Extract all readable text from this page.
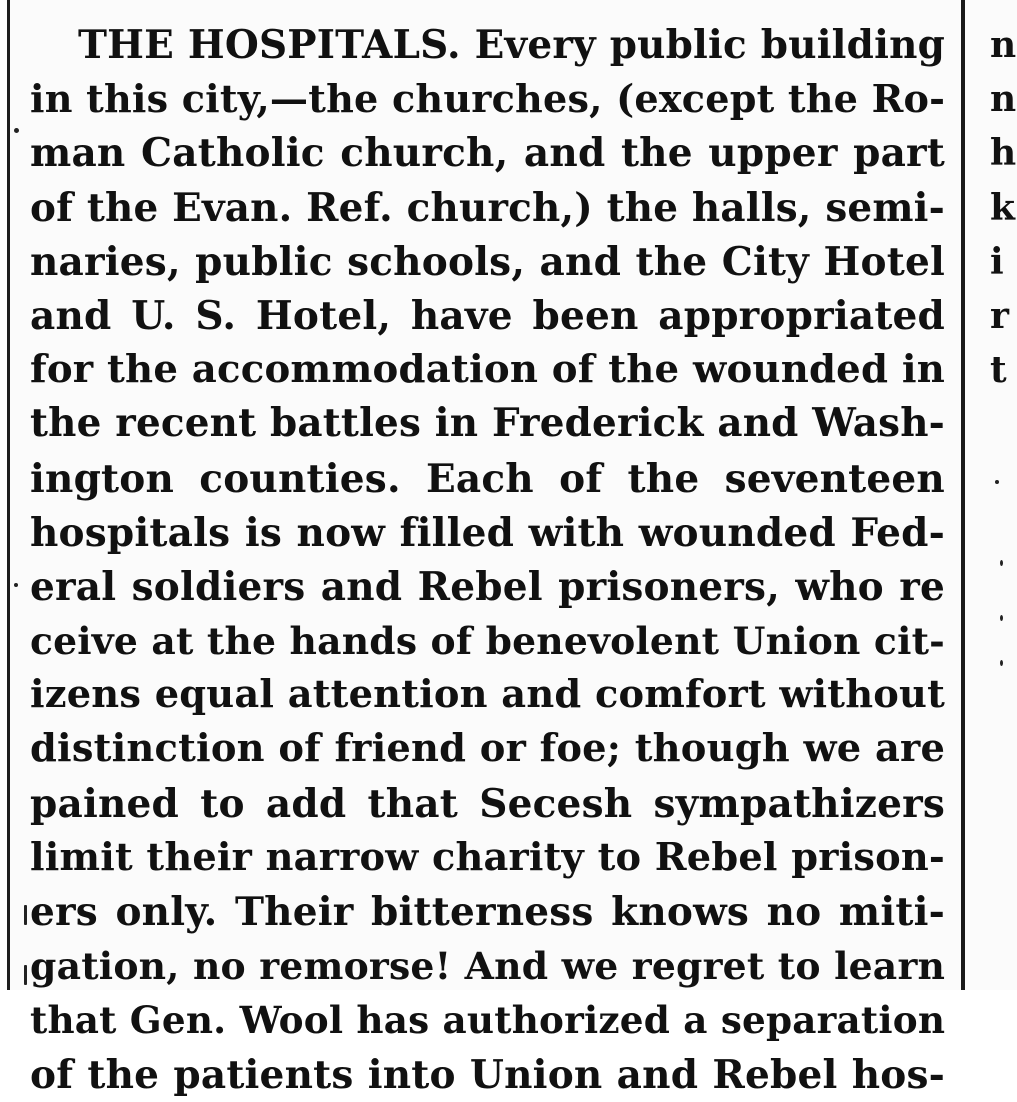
THE HOSPITALS. Every public building
in this city,—the churches, (except the Ro-
man Catholic church, and the upper part
of the Evan. Ref. church,) the halls, semi-
naries, public schools, and the City Hotel
and U. S. Hotel, have been appropriated
for the accommodation of the wounded in
the recent battles in Frederick and Wash-
ington counties. Each of the seventeen
hospitals is now filled with wounded Fed-
eral soldiers and Rebel prisoners, who re
ceive at the hands of benevolent Union cit-
izens equal attention and comfort without
distinction of friend or foe; though we are
pained to add that Secesh sympathizers
limit their narrow charity to Rebel prison-
ers only. Their bitterness knows no miti-
gation, no remorse! And we regret to learn
that Gen. Wool has authorized a separation
of the patients into Union and Rebel hos-
n
n
h
k
i
r
t
